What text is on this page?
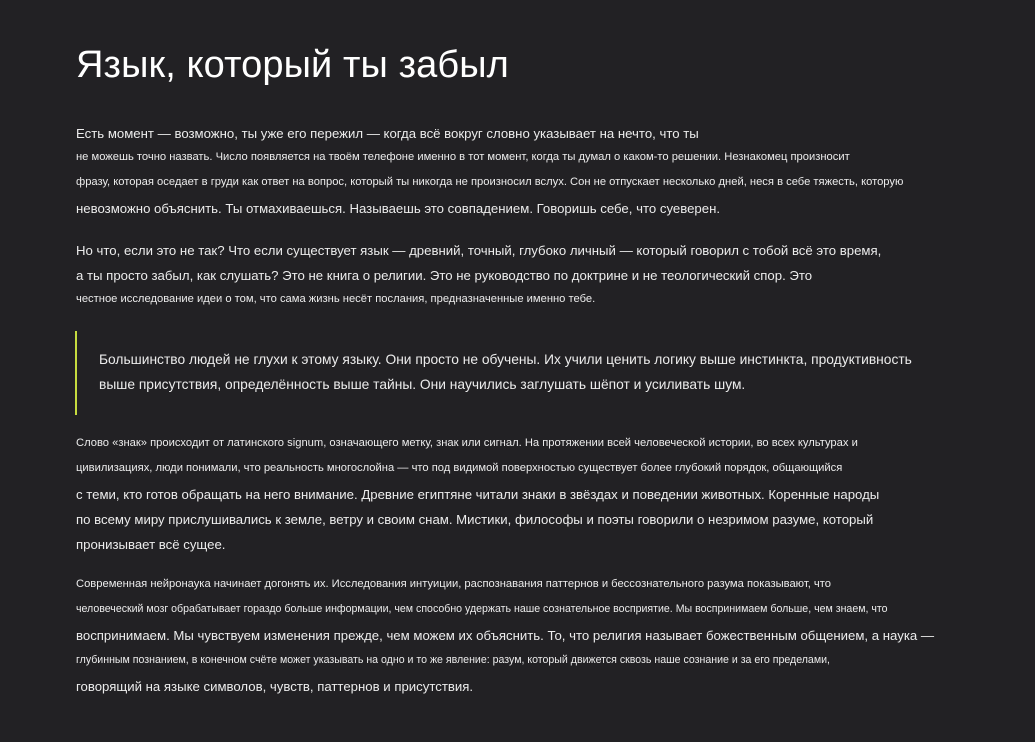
Язык, который ты забыл

Есть момент — возможно, ты уже его пережил — когда всё вокруг словно указывает на нечто, что ты

не можешь точно назвать. Число появляется на твоём телефоне именно в тот момент, когда ты думал о каком-то решении. Незнакомец произносит

фразу, которая оседает в груди как ответ на вопрос, который ты никогда не произносил вслух. Сон не отпускает несколько дней, неся в себе тяжесть, которую

невозможно объяснить. Ты отмахиваешься. Называешь это совпадением. Говоришь себе, что суеверен.

Но что, если это не так? Что если существует язык — древний, точный, глубоко личный — который говорил с тобой всё это время,

а ты просто забыл, как слушать? Это не книга о религии. Это не руководство по доктрине и не теологический спор. Это

честное исследование идеи о том, что сама жизнь несёт послания, предназначенные именно тебе.

Большинство людей не глухи к этому языку. Они просто не обучены. Их учили ценить логику выше инстинкта, продуктивность

выше присутствия, определённость выше тайны. Они научились заглушать шёпот и усиливать шум.

Слово «знак» происходит от латинского signum, означающего метку, знак или сигнал. На протяжении всей человеческой истории, во всех культурах и

цивилизациях, люди понимали, что реальность многослойна — что под видимой поверхностью существует более глубокий порядок, общающийся

с теми, кто готов обращать на него внимание. Древние египтяне читали знаки в звёздах и поведении животных. Коренные народы

по всему миру прислушивались к земле, ветру и своим снам. Мистики, философы и поэты говорили о незримом разуме, который

пронизывает всё сущее.

Современная нейронаука начинает догонять их. Исследования интуиции, распознавания паттернов и бессознательного разума показывают, что

человеческий мозг обрабатывает гораздо больше информации, чем способно удержать наше сознательное восприятие. Мы воспринимаем больше, чем знаем, что

воспринимаем. Мы чувствуем изменения прежде, чем можем их объяснить. То, что религия называет божественным общением, а наука —

глубинным познанием, в конечном счёте может указывать на одно и то же явление: разум, который движется сквозь наше сознание и за его пределами,

говорящий на языке символов, чувств, паттернов и присутствия.
